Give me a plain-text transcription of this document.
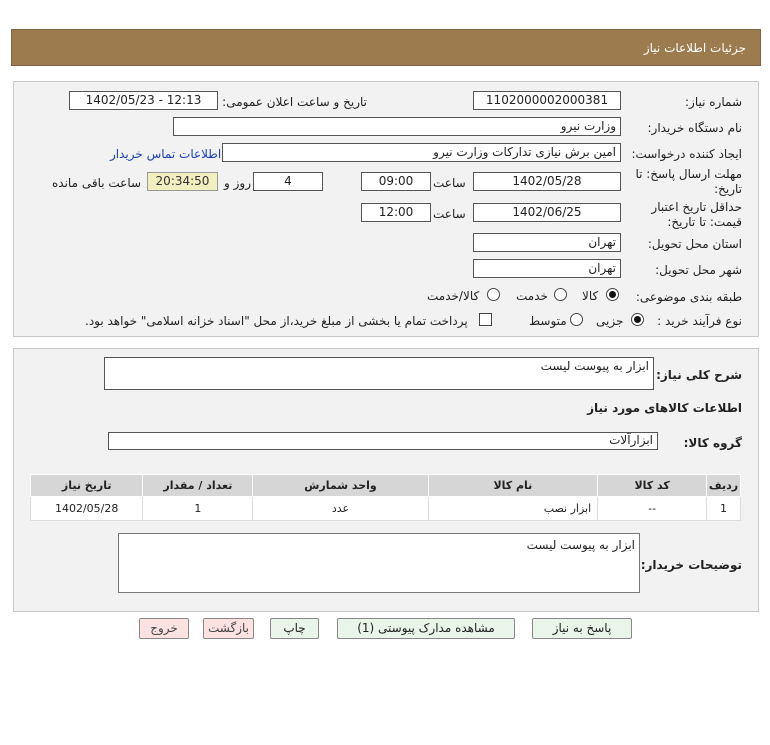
جزئیات اطلاعات نیاز
شماره نیاز:
1102000002000381
تاریخ و ساعت اعلان عمومی:
1402/05/23 - 12:13
نام دستگاه خریدار:
وزارت نیرو
ایجاد کننده درخواست:
امین برش نیازی تدارکات وزارت نیرو
اطلاعات تماس خریدار
مهلت ارسال پاسخ: تا
تاریخ:
1402/05/28
ساعت
09:00
4
روز و
20:34:50
ساعت باقی مانده
حداقل تاریخ اعتبار
قیمت: تا تاریخ:
1402/06/25
ساعت
12:00
استان محل تحویل:
تهران
شهر محل تحویل:
تهران
طبقه بندی موضوعی:
کالا
خدمت
کالا/خدمت
نوع فرآیند خرید :
جزیی
متوسط
پرداخت تمام یا بخشی از مبلغ خرید،از محل "اسناد خزانه اسلامی" خواهد بود.
شرح کلی نیاز:
ابزار به پیوست لیست
اطلاعات کالاهای مورد نیاز
گروه کالا:
ابزارآلات
ردیف	کد کالا	نام کالا	واحد شمارش	تعداد / مقدار	تاریخ نیاز
1	--	ابزار نصب	عدد	1	1402/05/28
توضیحات خریدار:
ابزار به پیوست لیست
پاسخ به نیاز
مشاهده مدارک پیوستی (1)
چاپ
بازگشت
خروج
